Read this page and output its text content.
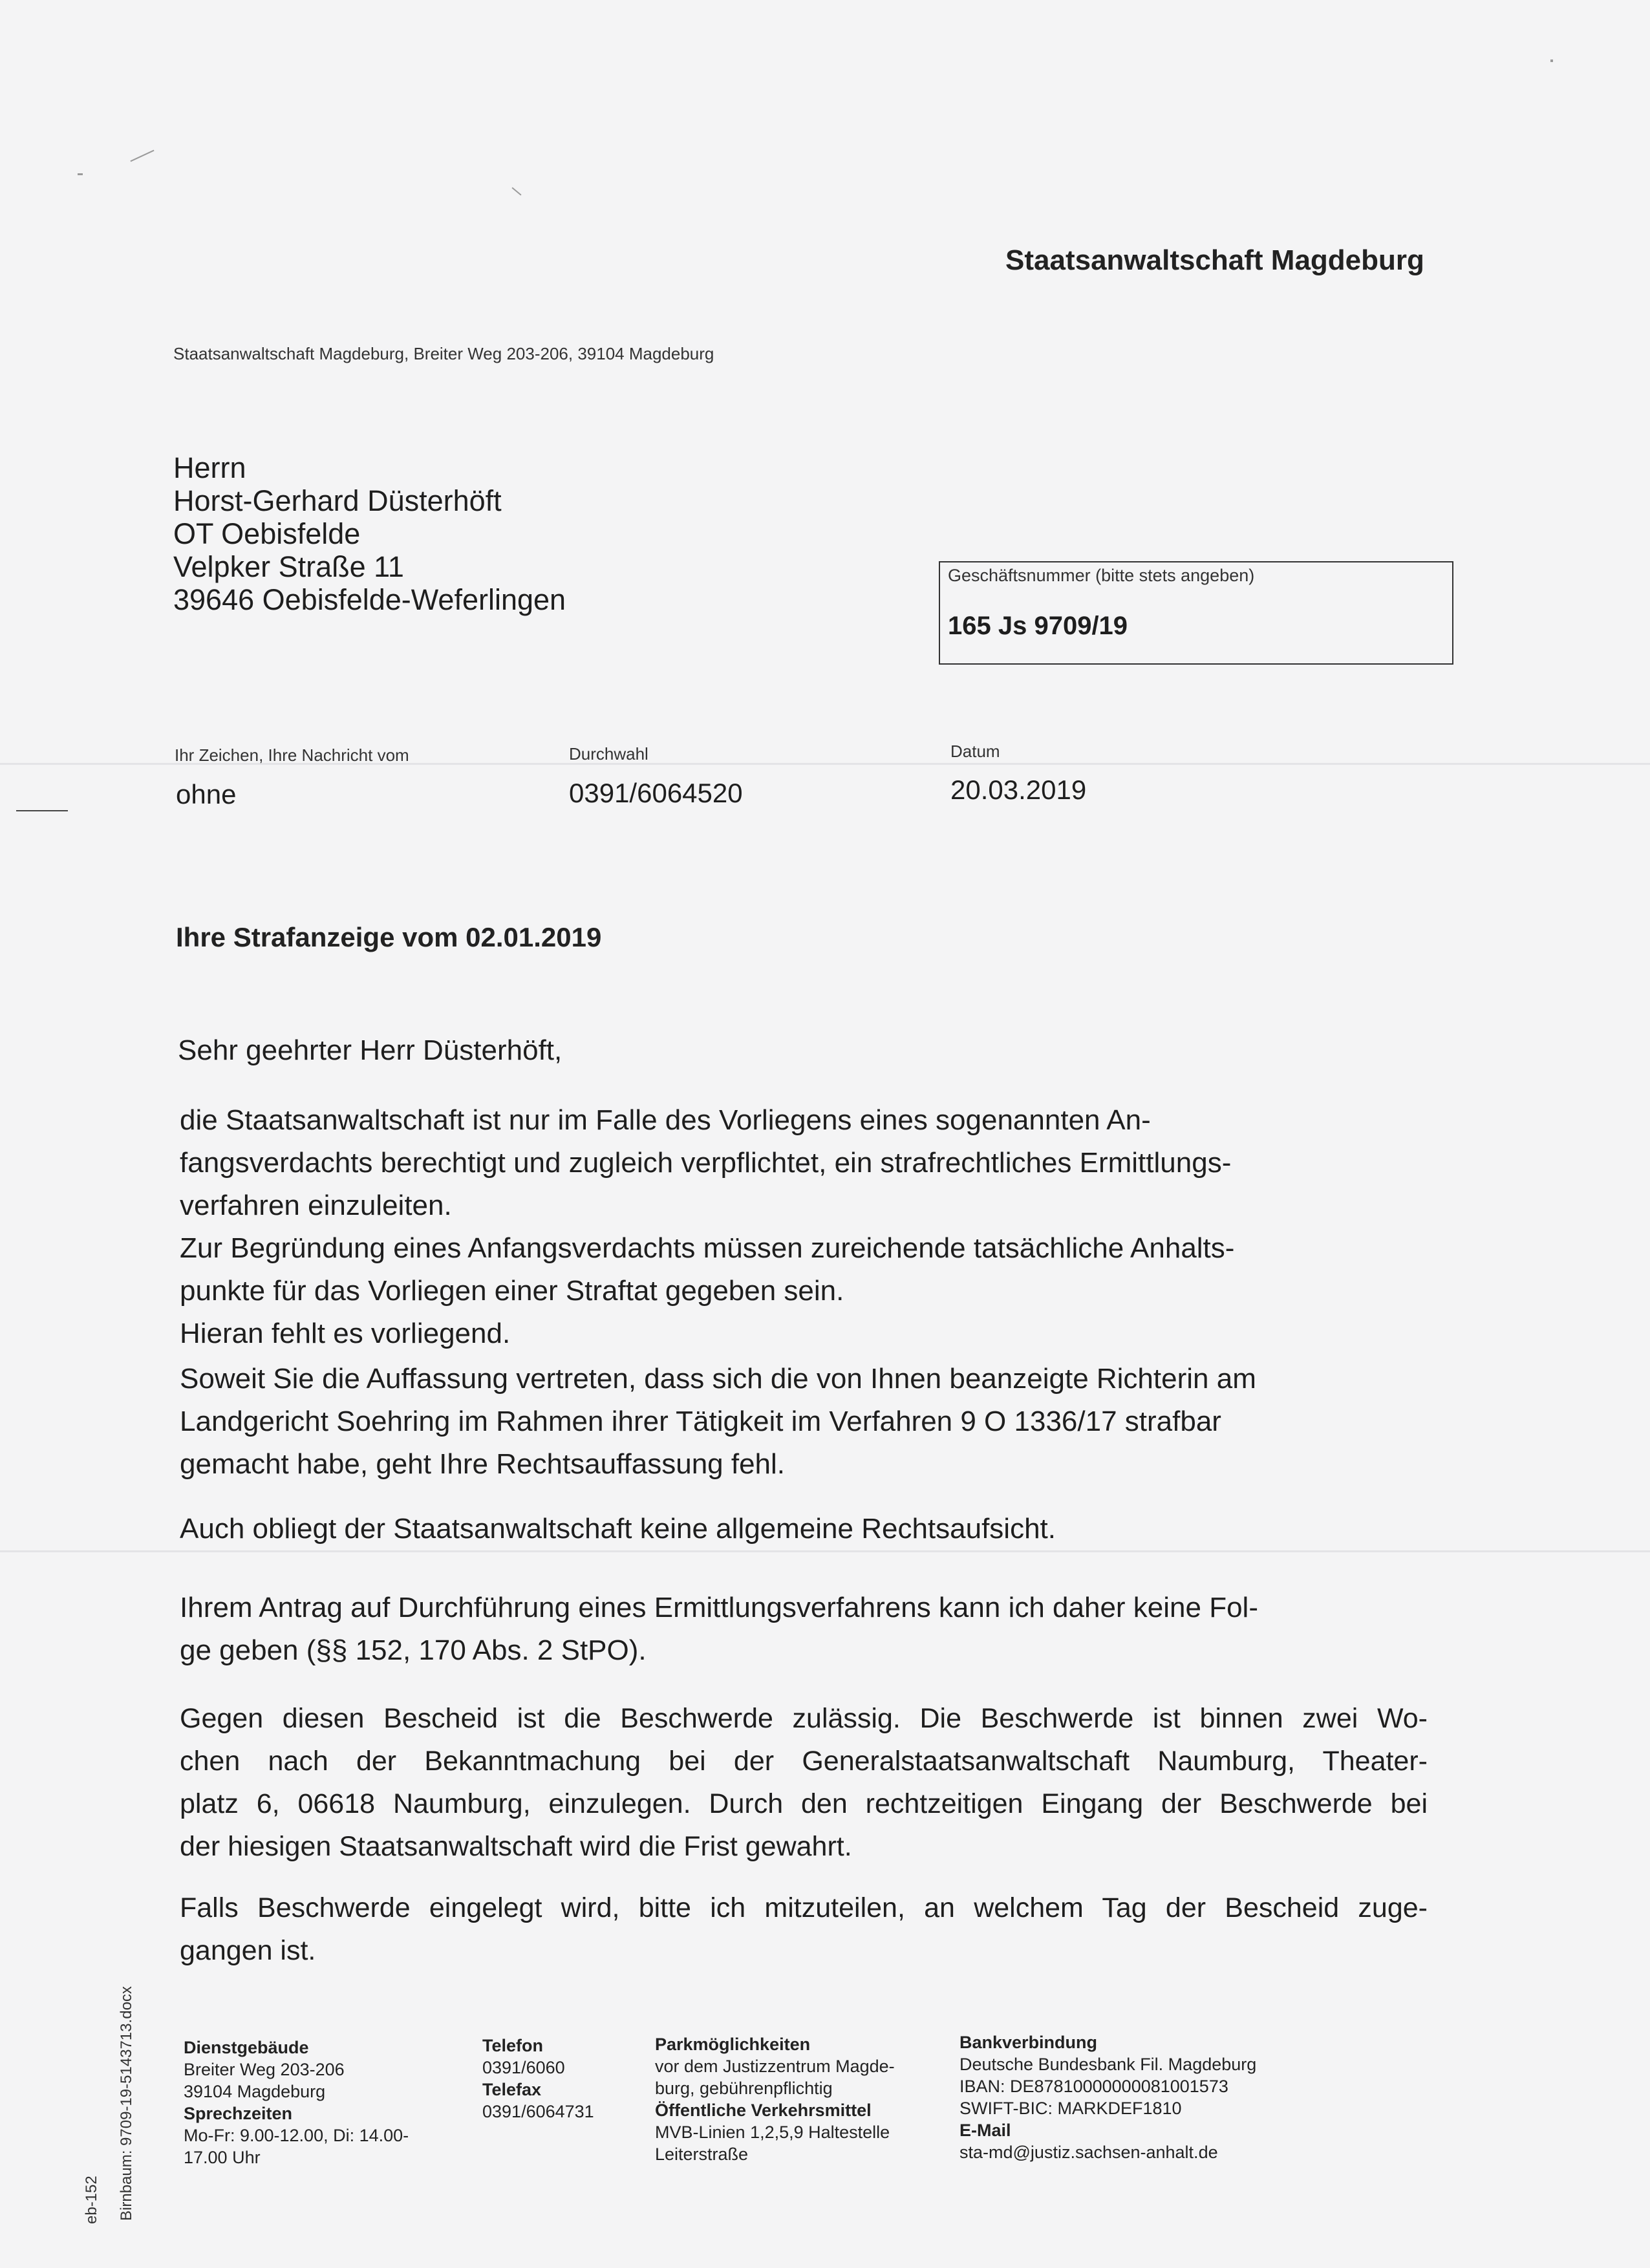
Staatsanwaltschaft Magdeburg
Staatsanwaltschaft Magdeburg, Breiter Weg 203-206, 39104 Magdeburg
Herrn
Horst-Gerhard Düsterhöft
OT Oebisfelde
Velpker Straße 11
39646 Oebisfelde-Weferlingen
Geschäftsnummer (bitte stets angeben)
165 Js 9709/19
Ihr Zeichen, Ihre Nachricht vom
ohne
Durchwahl
0391/6064520
Datum
20.03.2019
Ihre Strafanzeige vom 02.01.2019
Sehr geehrter Herr Düsterhöft,
die Staatsanwaltschaft ist nur im Falle des Vorliegens eines sogenannten An-
fangsverdachts berechtigt und zugleich verpflichtet, ein strafrechtliches Ermittlungs-
verfahren einzuleiten.
Zur Begründung eines Anfangsverdachts müssen zureichende tatsächliche Anhalts-
punkte für das Vorliegen einer Straftat gegeben sein.
Hieran fehlt es vorliegend.
Soweit Sie die Auffassung vertreten, dass sich die von Ihnen beanzeigte Richterin am
Landgericht Soehring im Rahmen ihrer Tätigkeit im Verfahren 9 O 1336/17 strafbar
gemacht habe, geht Ihre Rechtsauffassung fehl.
Auch obliegt der Staatsanwaltschaft keine allgemeine Rechtsaufsicht.
Ihrem Antrag auf Durchführung eines Ermittlungsverfahrens kann ich daher keine Fol-
ge geben (§§ 152, 170 Abs. 2 StPO).
Gegen diesen Bescheid ist die Beschwerde zulässig. Die Beschwerde ist binnen zwei Wo-
chen nach der Bekanntmachung bei der Generalstaatsanwaltschaft Naumburg, Theater-
platz 6, 06618 Naumburg, einzulegen. Durch den rechtzeitigen Eingang der Beschwerde bei
der hiesigen Staatsanwaltschaft wird die Frist gewahrt.
Falls Beschwerde eingelegt wird, bitte ich mitzuteilen, an welchem Tag der Bescheid zuge-
gangen ist.
Dienstgebäude
Breiter Weg 203-206
39104 Magdeburg
Sprechzeiten
Mo-Fr: 9.00-12.00, Di: 14.00-
17.00 Uhr
Telefon
0391/6060
Telefax
0391/6064731
Parkmöglichkeiten
vor dem Justizzentrum Magde-
burg, gebührenpflichtig
Öffentliche Verkehrsmittel
MVB-Linien 1,2,5,9 Haltestelle
Leiterstraße
Bankverbindung
Deutsche Bundesbank Fil. Magdeburg
IBAN: DE87810000000081001573
SWIFT-BIC: MARKDEF1810
E-Mail
sta-md@justiz.sachsen-anhalt.de
Birnbaum: 9709-19-5143713.docx
eb-152
